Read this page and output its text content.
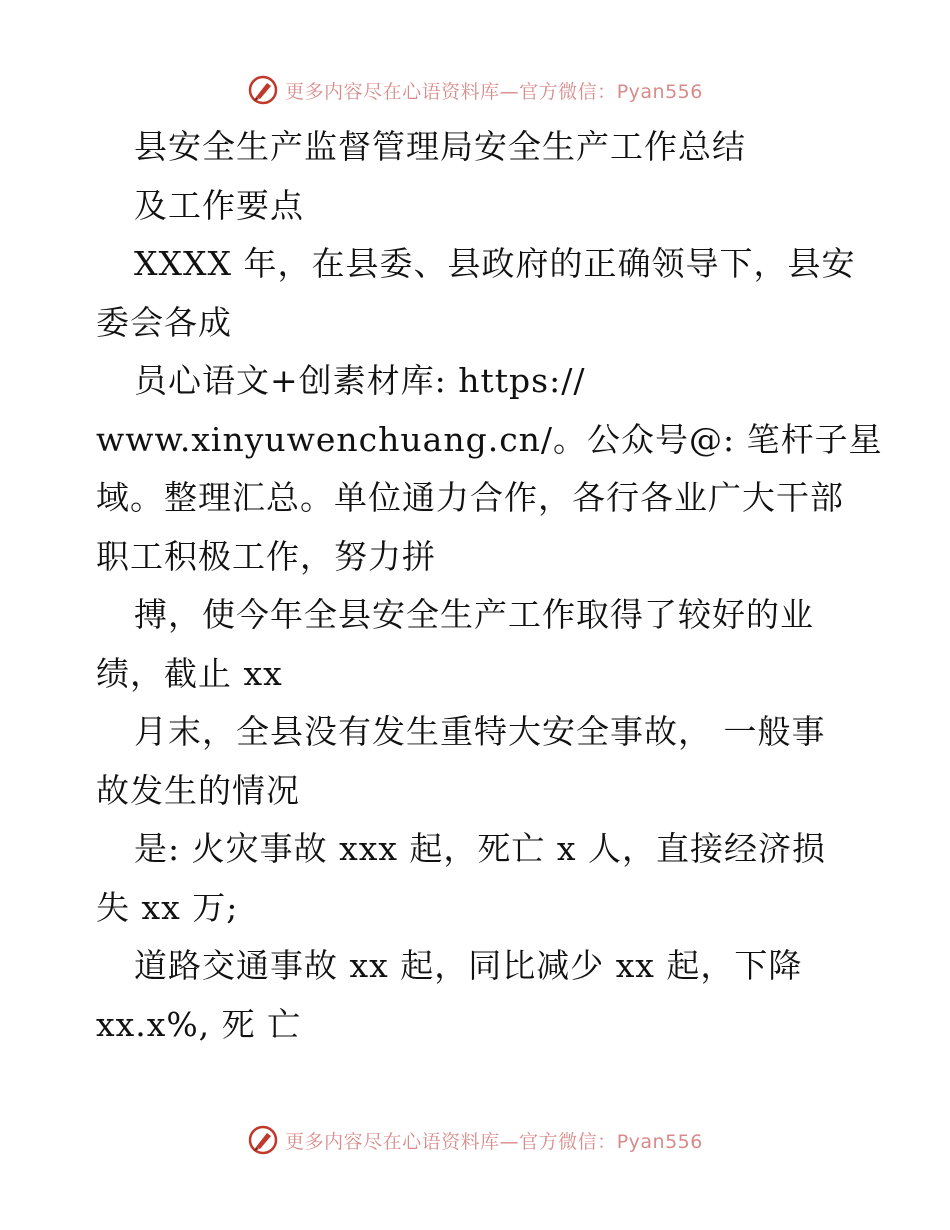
更多内容尽在心语资料库—官方微信：Pyan556
县安全生产监督管理局安全生产工作总结
及工作要点
XXXX 年，在县委、县政府的正确领导下，县安
委会各成
员心语文+创素材库: https://
www.xinyuwenchuang.cn/。公众号@: 笔杆子星
域。整理汇总。单位通力合作，各行各业广大干部
职工积极工作，努力拼
搏，使今年全县安全生产工作取得了较好的业
绩，截止 xx
月末，全县没有发生重特大安全事故， 一般事
故发生的情况
是: 火灾事故 xxx 起，死亡 x 人，直接经济损
失 xx 万;
道路交通事故 xx 起，同比减少 xx 起，下降
xx.x%, 死 亡
更多内容尽在心语资料库—官方微信：Pyan556
